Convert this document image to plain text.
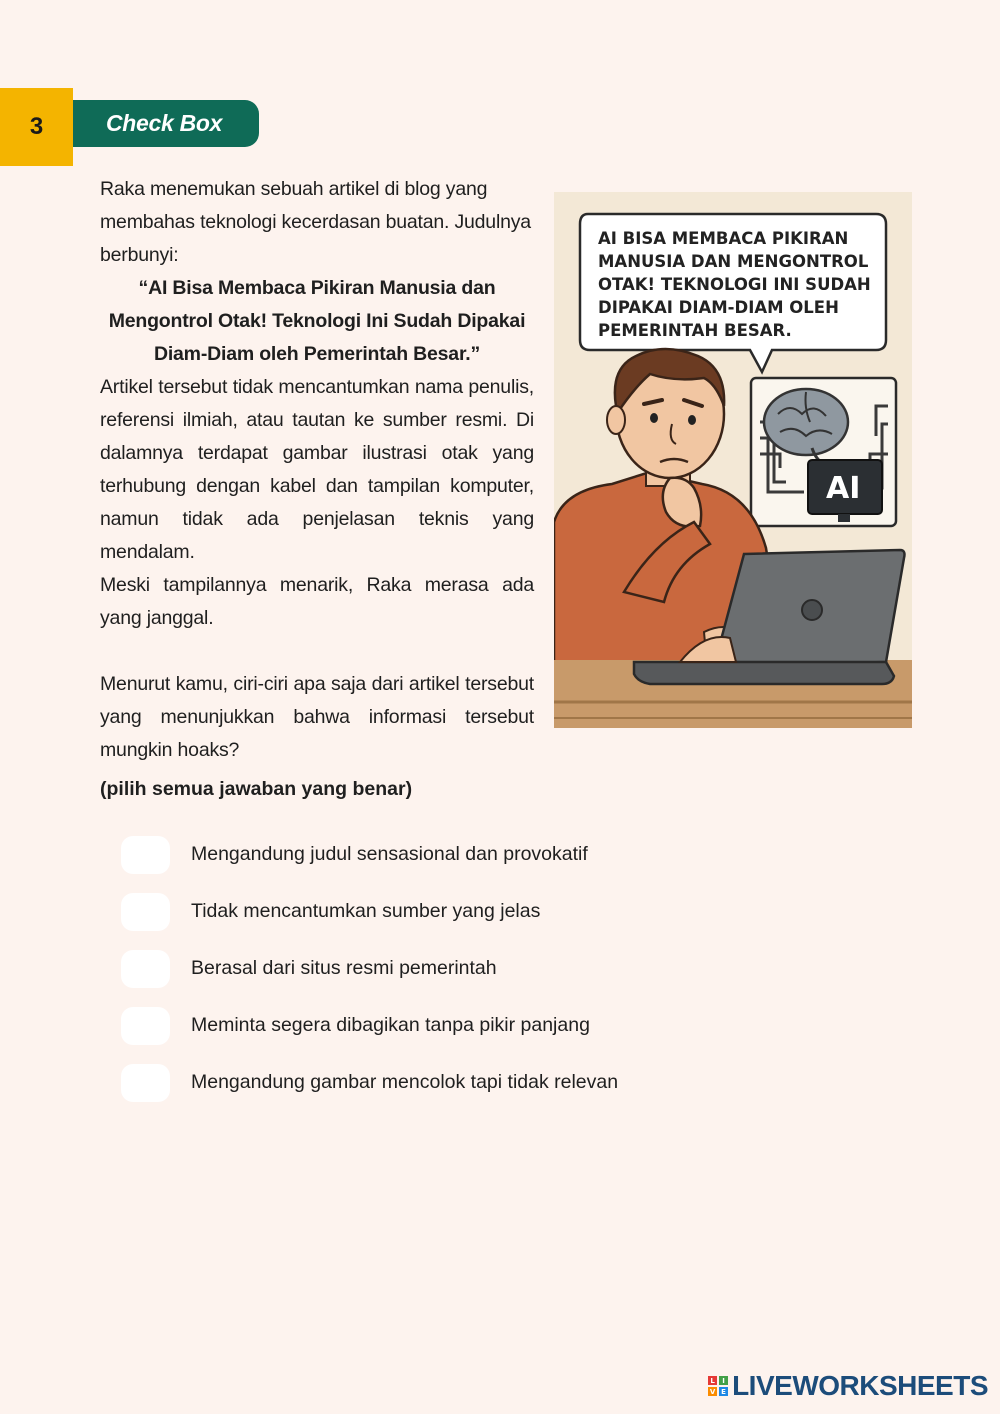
3	Check Box

Raka menemukan sebuah artikel di blog yang membahas teknologi kecerdasan buatan. Judulnya berbunyi:

“AI Bisa Membaca Pikiran Manusia dan Mengontrol Otak! Teknologi Ini Sudah Dipakai Diam-Diam oleh Pemerintah Besar.”

Artikel tersebut tidak mencantumkan nama penulis, referensi ilmiah, atau tautan ke sumber resmi. Di dalamnya terdapat gambar ilustrasi otak yang terhubung dengan kabel dan tampilan komputer, namun tidak ada penjelasan teknis yang mendalam.

Meski tampilannya menarik, Raka merasa ada yang janggal.

Menurut kamu, ciri-ciri apa saja dari artikel tersebut yang menunjukkan bahwa informasi tersebut mungkin hoaks?

AI BISA MEMBACA PIKIRAN
MANUSIA DAN MENGONTROL
OTAK! TEKNOLOGI INI SUDAH
DIPAKAI DIAM-DIAM OLEH
PEMERINTAH BESAR.
AI
(pilih semua jawaban yang benar)
Mengandung judul sensasional dan provokatif
Tidak mencantumkan sumber yang jelas
Berasal dari situs resmi pemerintah
Meminta segera dibagikan tanpa pikir panjang
Mengandung gambar mencolok tapi tidak relevan
L	I
V E LIVEWORKSHEETS
